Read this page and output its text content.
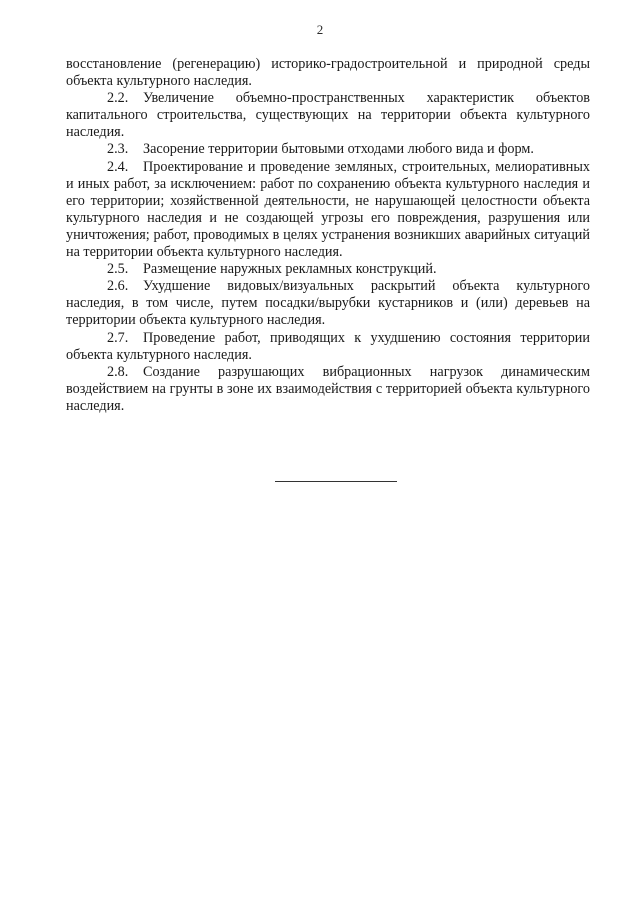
2

восстановление (регенерацию) историко-градостроительной и природной среды объекта культурного наследия.

2.2. Увеличение объемно-пространственных характеристик объектов капитального строительства, существующих на территории объекта культурного наследия.

2.3. Засорение территории бытовыми отходами любого вида и форм.

2.4. Проектирование и проведение земляных, строительных, мелиоративных и иных работ, за исключением: работ по сохранению объекта культурного наследия и его территории; хозяйственной деятельности, не нарушающей целостности объекта культурного наследия и не создающей угрозы его повреждения, разрушения или уничтожения; работ, проводимых в целях устранения возникших аварийных ситуаций на территории объекта культурного наследия.

2.5. Размещение наружных рекламных конструкций.

2.6. Ухудшение видовых/визуальных раскрытий объекта культурного наследия, в том числе, путем посадки/вырубки кустарников и (или) деревьев на территории объекта культурного наследия.

2.7. Проведение работ, приводящих к ухудшению состояния территории объекта культурного наследия.

2.8. Создание разрушающих вибрационных нагрузок динамическим воздействием на грунты в зоне их взаимодействия с территорией объекта культурного наследия.
